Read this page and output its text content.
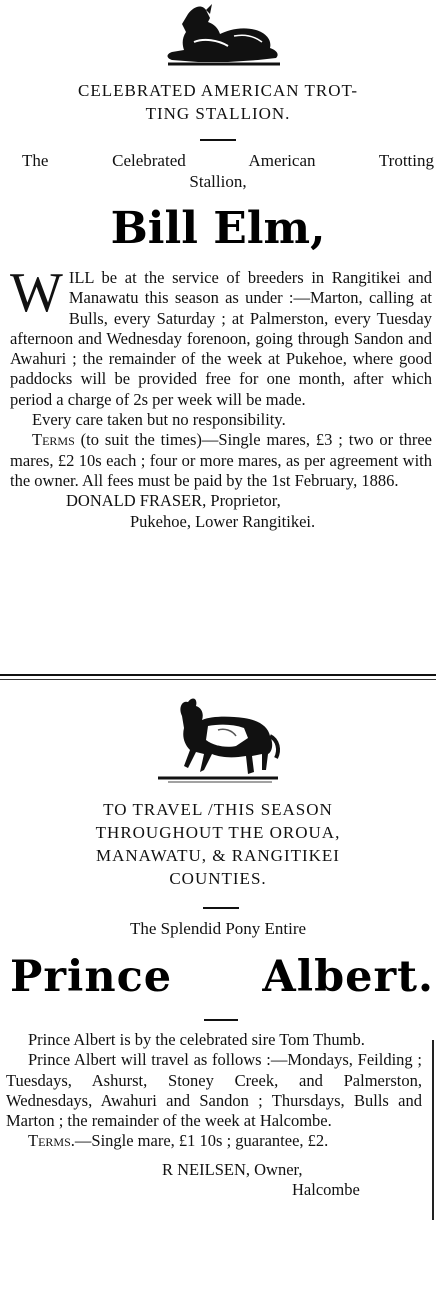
CELEBRATED AMERICAN TROT-
TING STALLION.
The Celebrated American Trotting
Stallion,
Bill Elm,

WILL be at the service of breeders in Rangitikei and Manawatu this season as under :—Marton, calling at Bulls, every Saturday ; at Palmerston, every Tuesday afternoon and Wednesday forenoon, going through Sandon and Awahuri ; the remainder of the week at Pukehoe, where good paddocks will be provided free for one month, after which period a charge of 2s per week will be made.

Every care taken but no responsibility.

Terms (to suit the times)—Single mares, £3 ; two or three mares, £2 10s each ; four or more mares, as per agreement with the owner. All fees must be paid by the 1st February, 1886.

DONALD FRASER, Proprietor,
Pukehoe, Lower Rangitikei.
TO TRAVEL /THIS SEASON
THROUGHOUT THE OROUA,
MANAWATU, & RANGITIKEI
COUNTIES.
The Splendid Pony Entire
Prince Albert.

Prince Albert is by the celebrated sire Tom Thumb.

Prince Albert will travel as follows :—Mondays, Feilding ; Tuesdays, Ashurst, Stoney Creek, and Palmerston, Wednesdays, Awahuri and Sandon ; Thursdays, Bulls and Marton ; the remainder of the week at Halcombe.

Terms.—Single mare, £1 10s ; guarantee, £2.

R NEILSEN, Owner,
Halcombe
